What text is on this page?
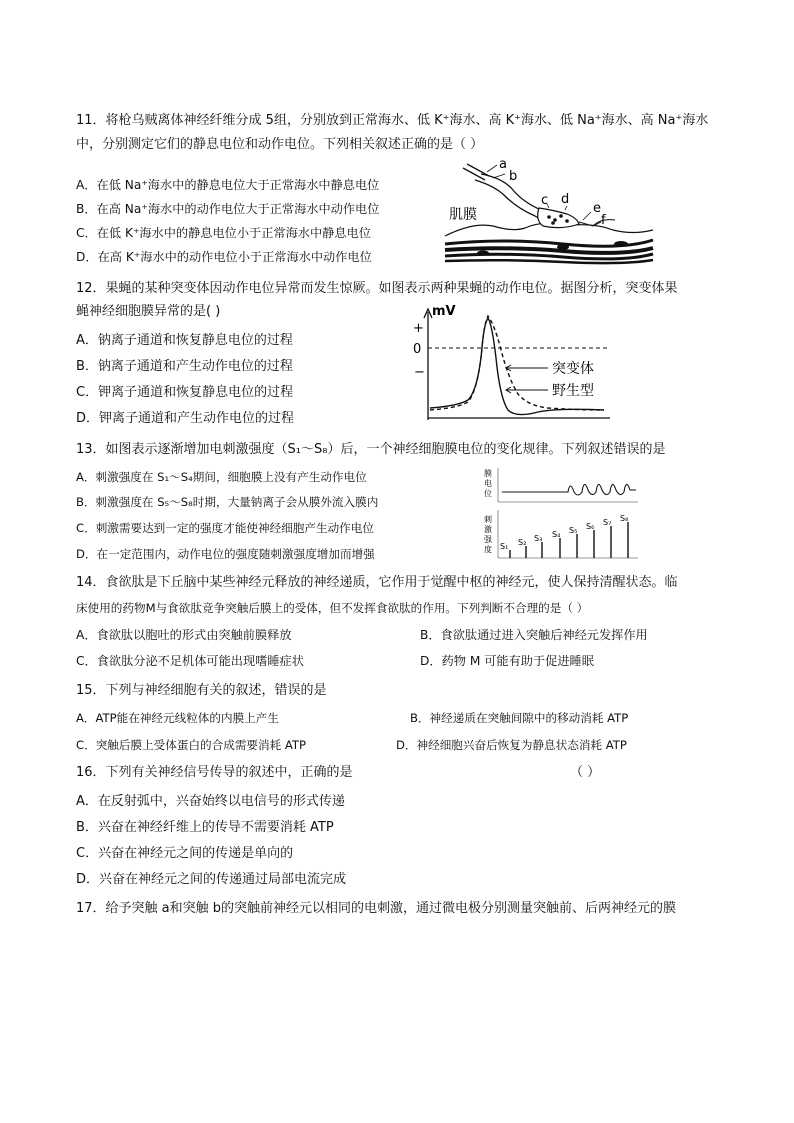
11．将枪乌贼离体神经纤维分成 5组，分别放到正常海水、低 K⁺海水、高 K⁺海水、低 Na⁺海水、高 Na⁺海水
中，分别测定它们的静息电位和动作电位。下列相关叙述正确的是（ ）
A．在低 Na⁺海水中的静息电位大于正常海水中静息电位
B．在高 Na⁺海水中的动作电位大于正常海水中动作电位
C．在低 K⁺海水中的静息电位小于正常海水中静息电位
D．在高 K⁺海水中的动作电位小于正常海水中动作电位
a
b
c d
e
f
肌膜
12．果蝇的某种突变体因动作电位异常而发生惊厥。如图表示两种果蝇的动作电位。据图分析，突变体果
蝇神经细胞膜异常的是( )
A．钠离子通道和恢复静息电位的过程
B．钠离子通道和产生动作电位的过程
C．钾离子通道和恢复静息电位的过程
D．钾离子通道和产生动作电位的过程
mV
+
0
−	突变体
野生型
13．如图表示逐渐增加电刺激强度（S₁～S₈）后，一个神经细胞膜电位的变化规律。下列叙述错误的是
A．刺激强度在 S₁～S₄期间，细胞膜上没有产生动作电位
B．刺激强度在 S₅～S₈时期，大量钠离子会从膜外流入膜内
C．刺激需要达到一定的强度才能使神经细胞产生动作电位
D．在一定范围内，动作电位的强度随刺激强度增加而增强
S₁ S₂ S₃ S₄ S₅ S₆ S₇ S₈
膜
电
位
刺
激
强
度
14．食欲肽是下丘脑中某些神经元释放的神经递质，它作用于觉醒中枢的神经元，使人保持清醒状态。临
床使用的药物M与食欲肽竞争突触后膜上的受体，但不发挥食欲肽的作用。下列判断不合理的是（ ）
A．食欲肽以胞吐的形式由突触前膜释放	B．食欲肽通过进入突触后神经元发挥作用
C．食欲肽分泌不足机体可能出现嗜睡症状	D．药物 M 可能有助于促进睡眠
15．下列与神经细胞有关的叙述，错误的是
A．ATP能在神经元线粒体的内膜上产生	B．神经递质在突触间隙中的移动消耗 ATP
C．突触后膜上受体蛋白的合成需要消耗 ATP	D．神经细胞兴奋后恢复为静息状态消耗 ATP
16．下列有关神经信号传导的叙述中，正确的是	（ ）
A．在反射弧中，兴奋始终以电信号的形式传递
B．兴奋在神经纤维上的传导不需要消耗 ATP
C．兴奋在神经元之间的传递是单向的
D．兴奋在神经元之间的传递通过局部电流完成
17．给予突触 a和突触 b的突触前神经元以相同的电刺激，通过微电极分别测量突触前、后两神经元的膜
